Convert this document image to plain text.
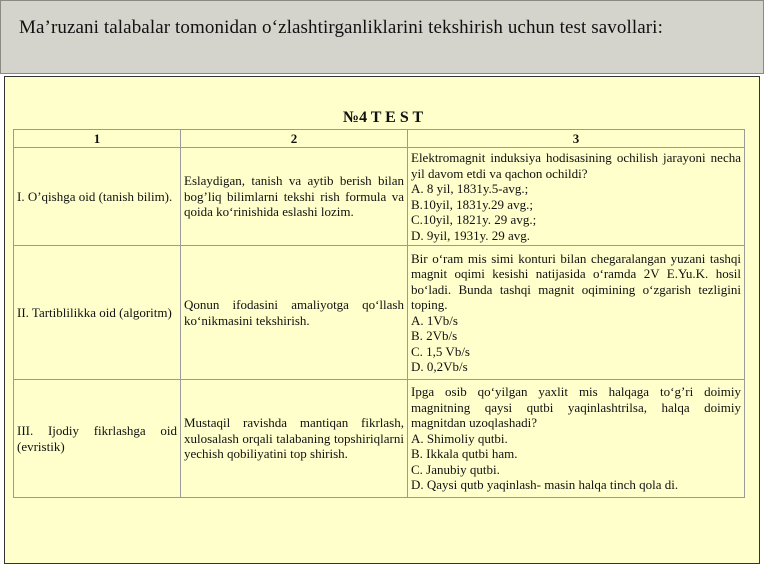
Ma’ruzani talabalar tomonidan o‘zlashtirganliklarini tekshirish uchun test savollari:
№4 T E S T
1	2	3
I. O’qishga oid (tanish bilim).	Eslaydigan, tanish va aytib berish bilan bog’liq bilimlarni tekshi rish formula va qoida ko‘rinishida eslashi lozim.	Elektromagnit induksiya hodisasining ochilish jarayoni necha yil davom etdi va qachon ochildi?
A. 8 yil, 1831y.5-avg.;
B.10yil, 1831y.29 avg.;
C.10yil, 1821y. 29 avg.;
D. 9yil, 1931y. 29 avg.

II. Tartiblilikka oid (algoritm)	Qonun ifodasini amaliyotga qo‘llash ko‘nikmasini tekshirish.	Bir o‘ram mis simi konturi bilan chegaralangan yuzani tashqi magnit oqimi kesishi natijasida o‘ramda 2V E.Yu.K. hosil bo‘ladi. Bunda tashqi magnit oqimining o‘zgarish tezligini toping.
A. 1Vb/s
B. 2Vb/s
C. 1,5 Vb/s
D. 0,2Vb/s

III. Ijodiy fikrlashga oid (evristik)	Mustaqil ravishda mantiqan fikrlash, xulosalash orqali talabaning topshiriqlarni yechish qobiliyatini top shirish.	Ipga osib qo‘yilgan yaxlit mis halqaga to‘g’ri doimiy magnitning qaysi qutbi yaqinlashtrilsa, halqa doimiy magnitdan uzoqlashadi?
A. Shimoliy qutbi.
B. Ikkala qutbi ham.
C. Janubiy qutbi.
D. Qaysi qutb yaqinlash- masin halqa tinch qola di.
